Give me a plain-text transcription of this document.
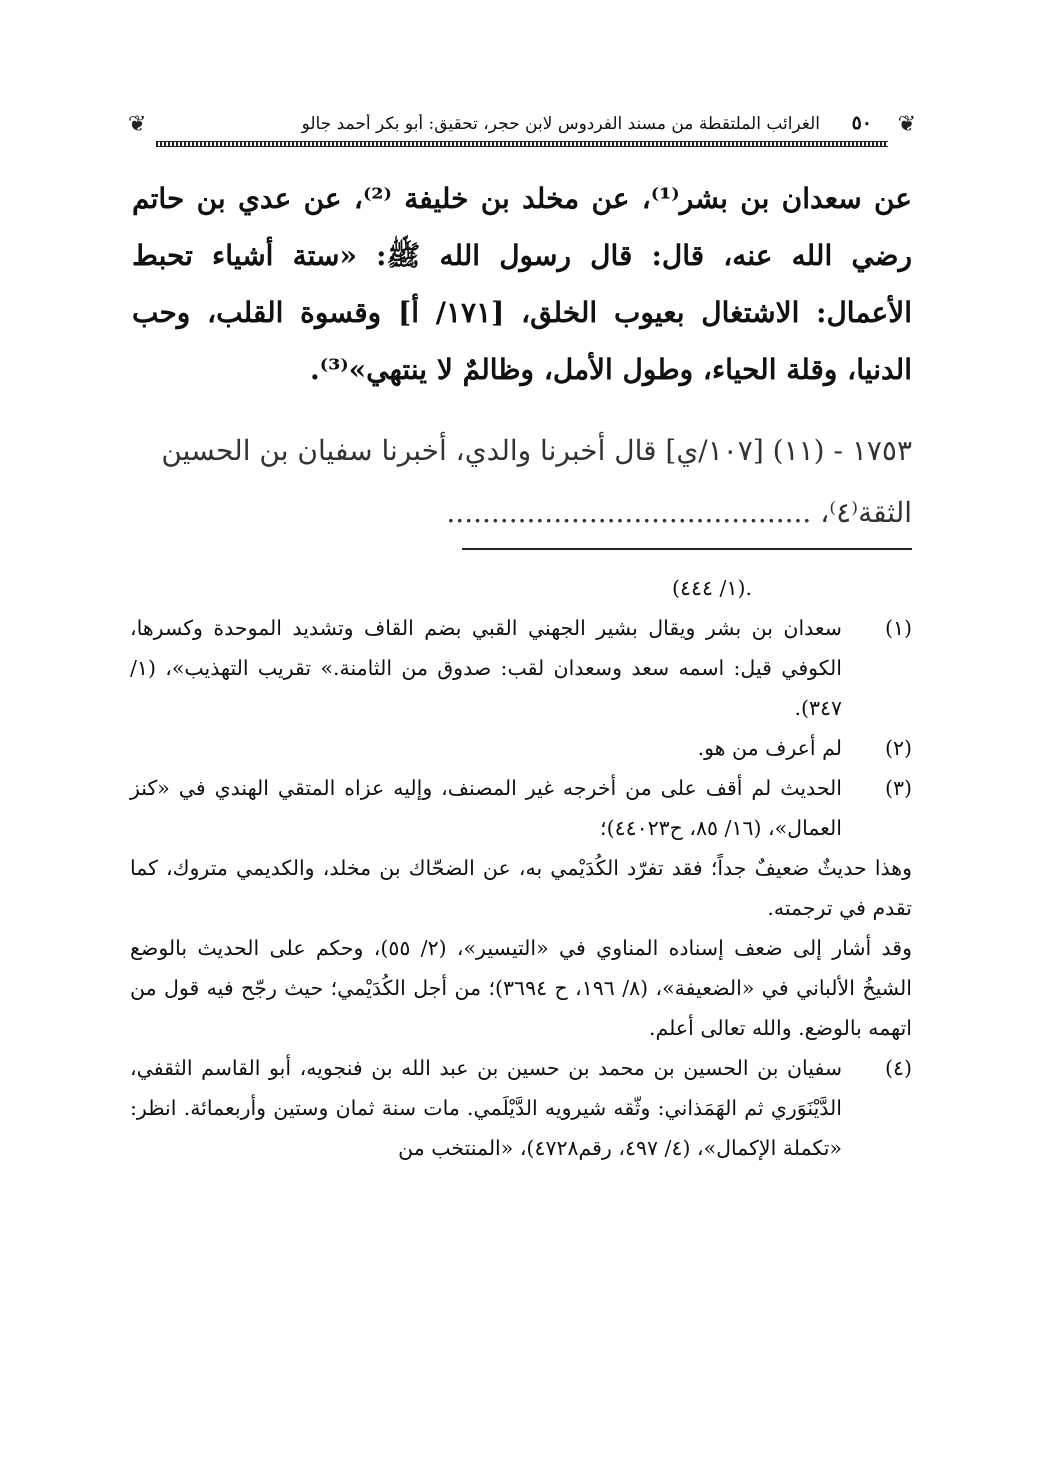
❦	الغرائب الملتقطة من مسند الفردوس لابن حجر، تحقيق: أبو بكر أحمد جالو ٥٠ ❦
عن سعدان بن بشر⁽¹⁾، عن مخلد بن خليفة ⁽²⁾، عن عدي بن حاتم رضي الله عنه، قال: قال رسول الله ﷺ: «ستة أشياء تحبط الأعمال: الاشتغال بعيوب الخلق، [١٧١/ أ] وقسوة القلب، وحب الدنيا، وقلة الحياء، وطول الأمل، وظالمٌ لا ينتهي»⁽³⁾.
١٧٥٣ - (١١) [١٠٧/ي] قال أخبرنا والدي، أخبرنا سفيان بن الحسين الثقة⁽٤⁾، .........................................
.(١/ ٤٤٤)
(١)
سعدان بن بشر ويقال بشير الجهني القبي بضم القاف وتشديد الموحدة وكسرها، الكوفي قيل: اسمه سعد وسعدان لقب: صدوق من الثامنة.» تقريب التهذيب»، (١/ ٣٤٧).
(٢)
لم أعرف من هو.
(٣)
الحديث لم أقف على من أخرجه غير المصنف، وإليه عزاه المتقي الهندي في «كنز العمال»، (١٦/ ٨٥، ح٤٤٠٢٣)؛
وهذا حديثٌ ضعيفٌ جداً؛ فقد تفرّد الكُدَيْمي به، عن الضحّاك بن مخلد، والكديمي متروك، كما تقدم في ترجمته.
وقد أشار إلى ضعف إسناده المناوي في «التيسير»، (٢/ ٥٥)، وحكم على الحديث بالوضع الشيخُ الألباني في «الضعيفة»، (٨/ ١٩٦، ح ٣٦٩٤)؛ من أجل الكُدَيْمي؛ حيث رجّح فيه قول من اتهمه بالوضع. والله تعالى أعلم.
(٤)
سفيان بن الحسين بن محمد بن حسين بن عبد الله بن فنجويه، أبو القاسم الثقفي، الدَّيْنَوَري ثم الهَمَذاني: وثّقه شيرويه الدَّيْلَمي. مات سنة ثمان وستين وأربعمائة. انظر: «تكملة الإكمال»، (٤/ ٤٩٧، رقم٤٧٢٨)، «المنتخب من
